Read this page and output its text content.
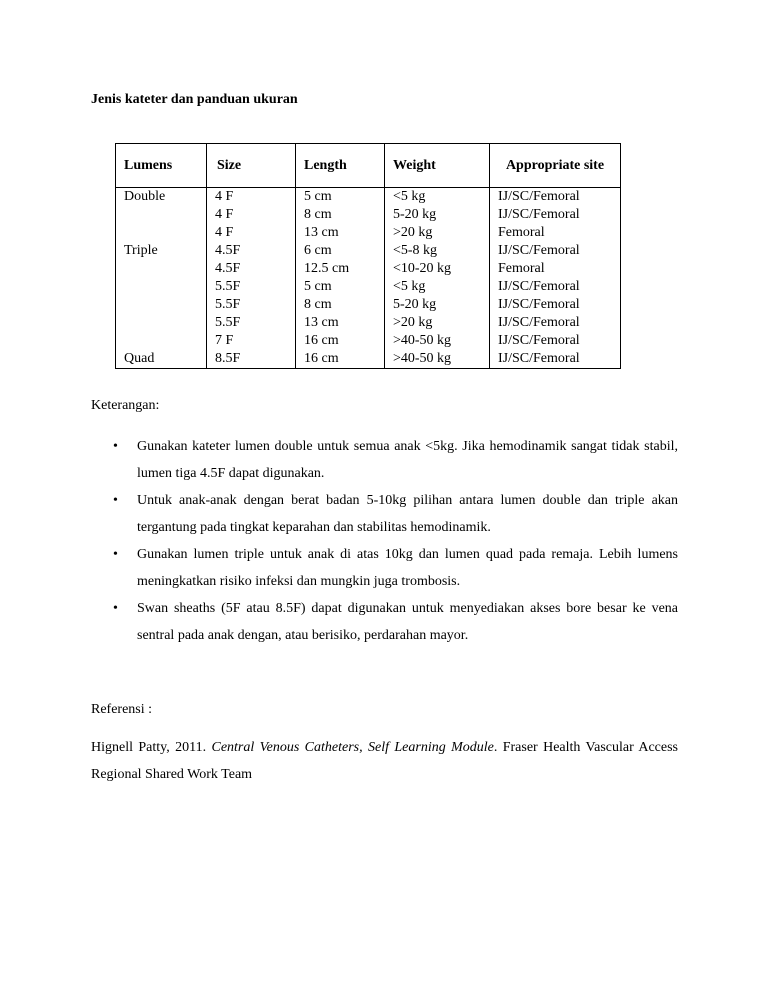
Jenis kateter dan panduan ukuran
Lumens	Size	Length	Weight	Appropriate site
Double	4 F	5 cm	<5 kg	IJ/SC/Femoral
	4 F	8 cm	5-20 kg	IJ/SC/Femoral
	4 F	13 cm	>20 kg	Femoral
Triple	4.5F	6 cm	<5-8 kg	IJ/SC/Femoral
	4.5F	12.5 cm	<10-20 kg	Femoral
	5.5F	5 cm	<5 kg	IJ/SC/Femoral
	5.5F	8 cm	5-20 kg	IJ/SC/Femoral
	5.5F	13 cm	>20 kg	IJ/SC/Femoral
	7 F	16 cm	>40-50 kg	IJ/SC/Femoral
Quad	8.5F	16 cm	>40-50 kg	IJ/SC/Femoral
Keterangan:
• Gunakan kateter lumen double untuk semua anak <5kg. Jika hemodinamik sangat tidak stabil, lumen tiga 4.5F dapat digunakan.
• Untuk anak-anak dengan berat badan 5-10kg pilihan antara lumen double dan triple akan tergantung pada tingkat keparahan dan stabilitas hemodinamik.
• Gunakan lumen triple untuk anak di atas 10kg dan lumen quad pada remaja. Lebih lumens meningkatkan risiko infeksi dan mungkin juga trombosis.
• Swan sheaths (5F atau 8.5F) dapat digunakan untuk menyediakan akses bore besar ke vena sentral pada anak dengan, atau berisiko, perdarahan mayor.
Referensi :
Hignell Patty, 2011. Central Venous Catheters, Self Learning Module. Fraser Health Vascular Access Regional Shared Work Team
